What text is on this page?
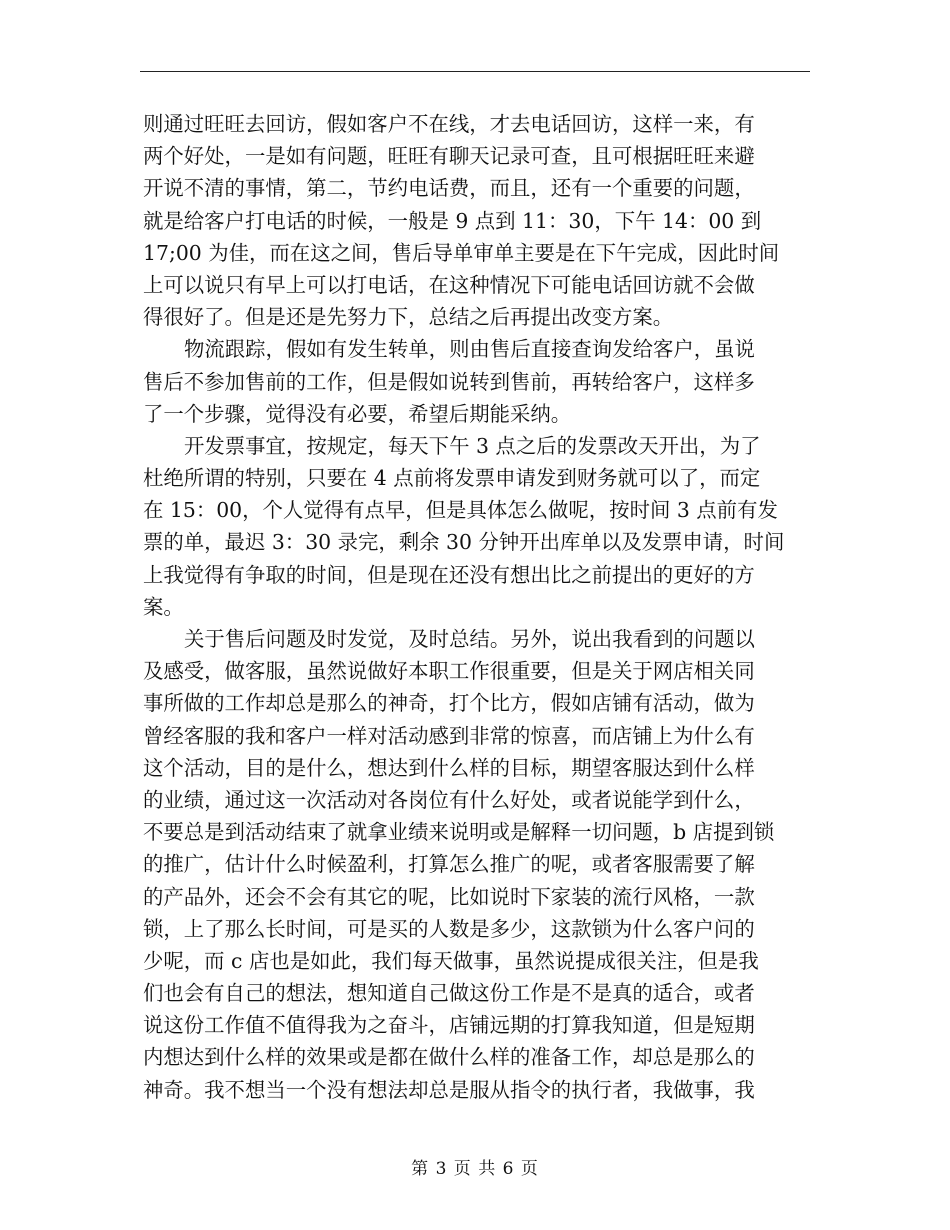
则通过旺旺去回访，假如客户不在线，才去电话回访，这样一来，有
两个好处，一是如有问题，旺旺有聊天记录可查，且可根据旺旺来避
开说不清的事情，第二，节约电话费，而且，还有一个重要的问题，
就是给客户打电话的时候，一般是 9 点到 11：30，下午 14：00 到
17;00 为佳，而在这之间，售后导单审单主要是在下午完成，因此时间
上可以说只有早上可以打电话，在这种情况下可能电话回访就不会做
得很好了。但是还是先努力下，总结之后再提出改变方案。
物流跟踪，假如有发生转单，则由售后直接查询发给客户，虽说
售后不参加售前的工作，但是假如说转到售前，再转给客户，这样多
了一个步骤，觉得没有必要，希望后期能采纳。
开发票事宜，按规定，每天下午 3 点之后的发票改天开出，为了
杜绝所谓的特别，只要在 4 点前将发票申请发到财务就可以了，而定
在 15：00，个人觉得有点早，但是具体怎么做呢，按时间 3 点前有发
票的单，最迟 3：30 录完，剩余 30 分钟开出库单以及发票申请，时间
上我觉得有争取的时间，但是现在还没有想出比之前提出的更好的方
案。
关于售后问题及时发觉，及时总结。另外，说出我看到的问题以
及感受，做客服，虽然说做好本职工作很重要，但是关于网店相关同
事所做的工作却总是那么的神奇，打个比方，假如店铺有活动，做为
曾经客服的我和客户一样对活动感到非常的惊喜，而店铺上为什么有
这个活动，目的是什么，想达到什么样的目标，期望客服达到什么样
的业绩，通过这一次活动对各岗位有什么好处，或者说能学到什么，
不要总是到活动结束了就拿业绩来说明或是解释一切问题，b 店提到锁
的推广，估计什么时候盈利，打算怎么推广的呢，或者客服需要了解
的产品外，还会不会有其它的呢，比如说时下家装的流行风格，一款
锁，上了那么长时间，可是买的人数是多少，这款锁为什么客户问的
少呢，而 c 店也是如此，我们每天做事，虽然说提成很关注，但是我
们也会有自己的想法，想知道自己做这份工作是不是真的适合，或者
说这份工作值不值得我为之奋斗，店铺远期的打算我知道，但是短期
内想达到什么样的效果或是都在做什么样的准备工作，却总是那么的
神奇。我不想当一个没有想法却总是服从指令的执行者，我做事，我
第 3 页 共 6 页
